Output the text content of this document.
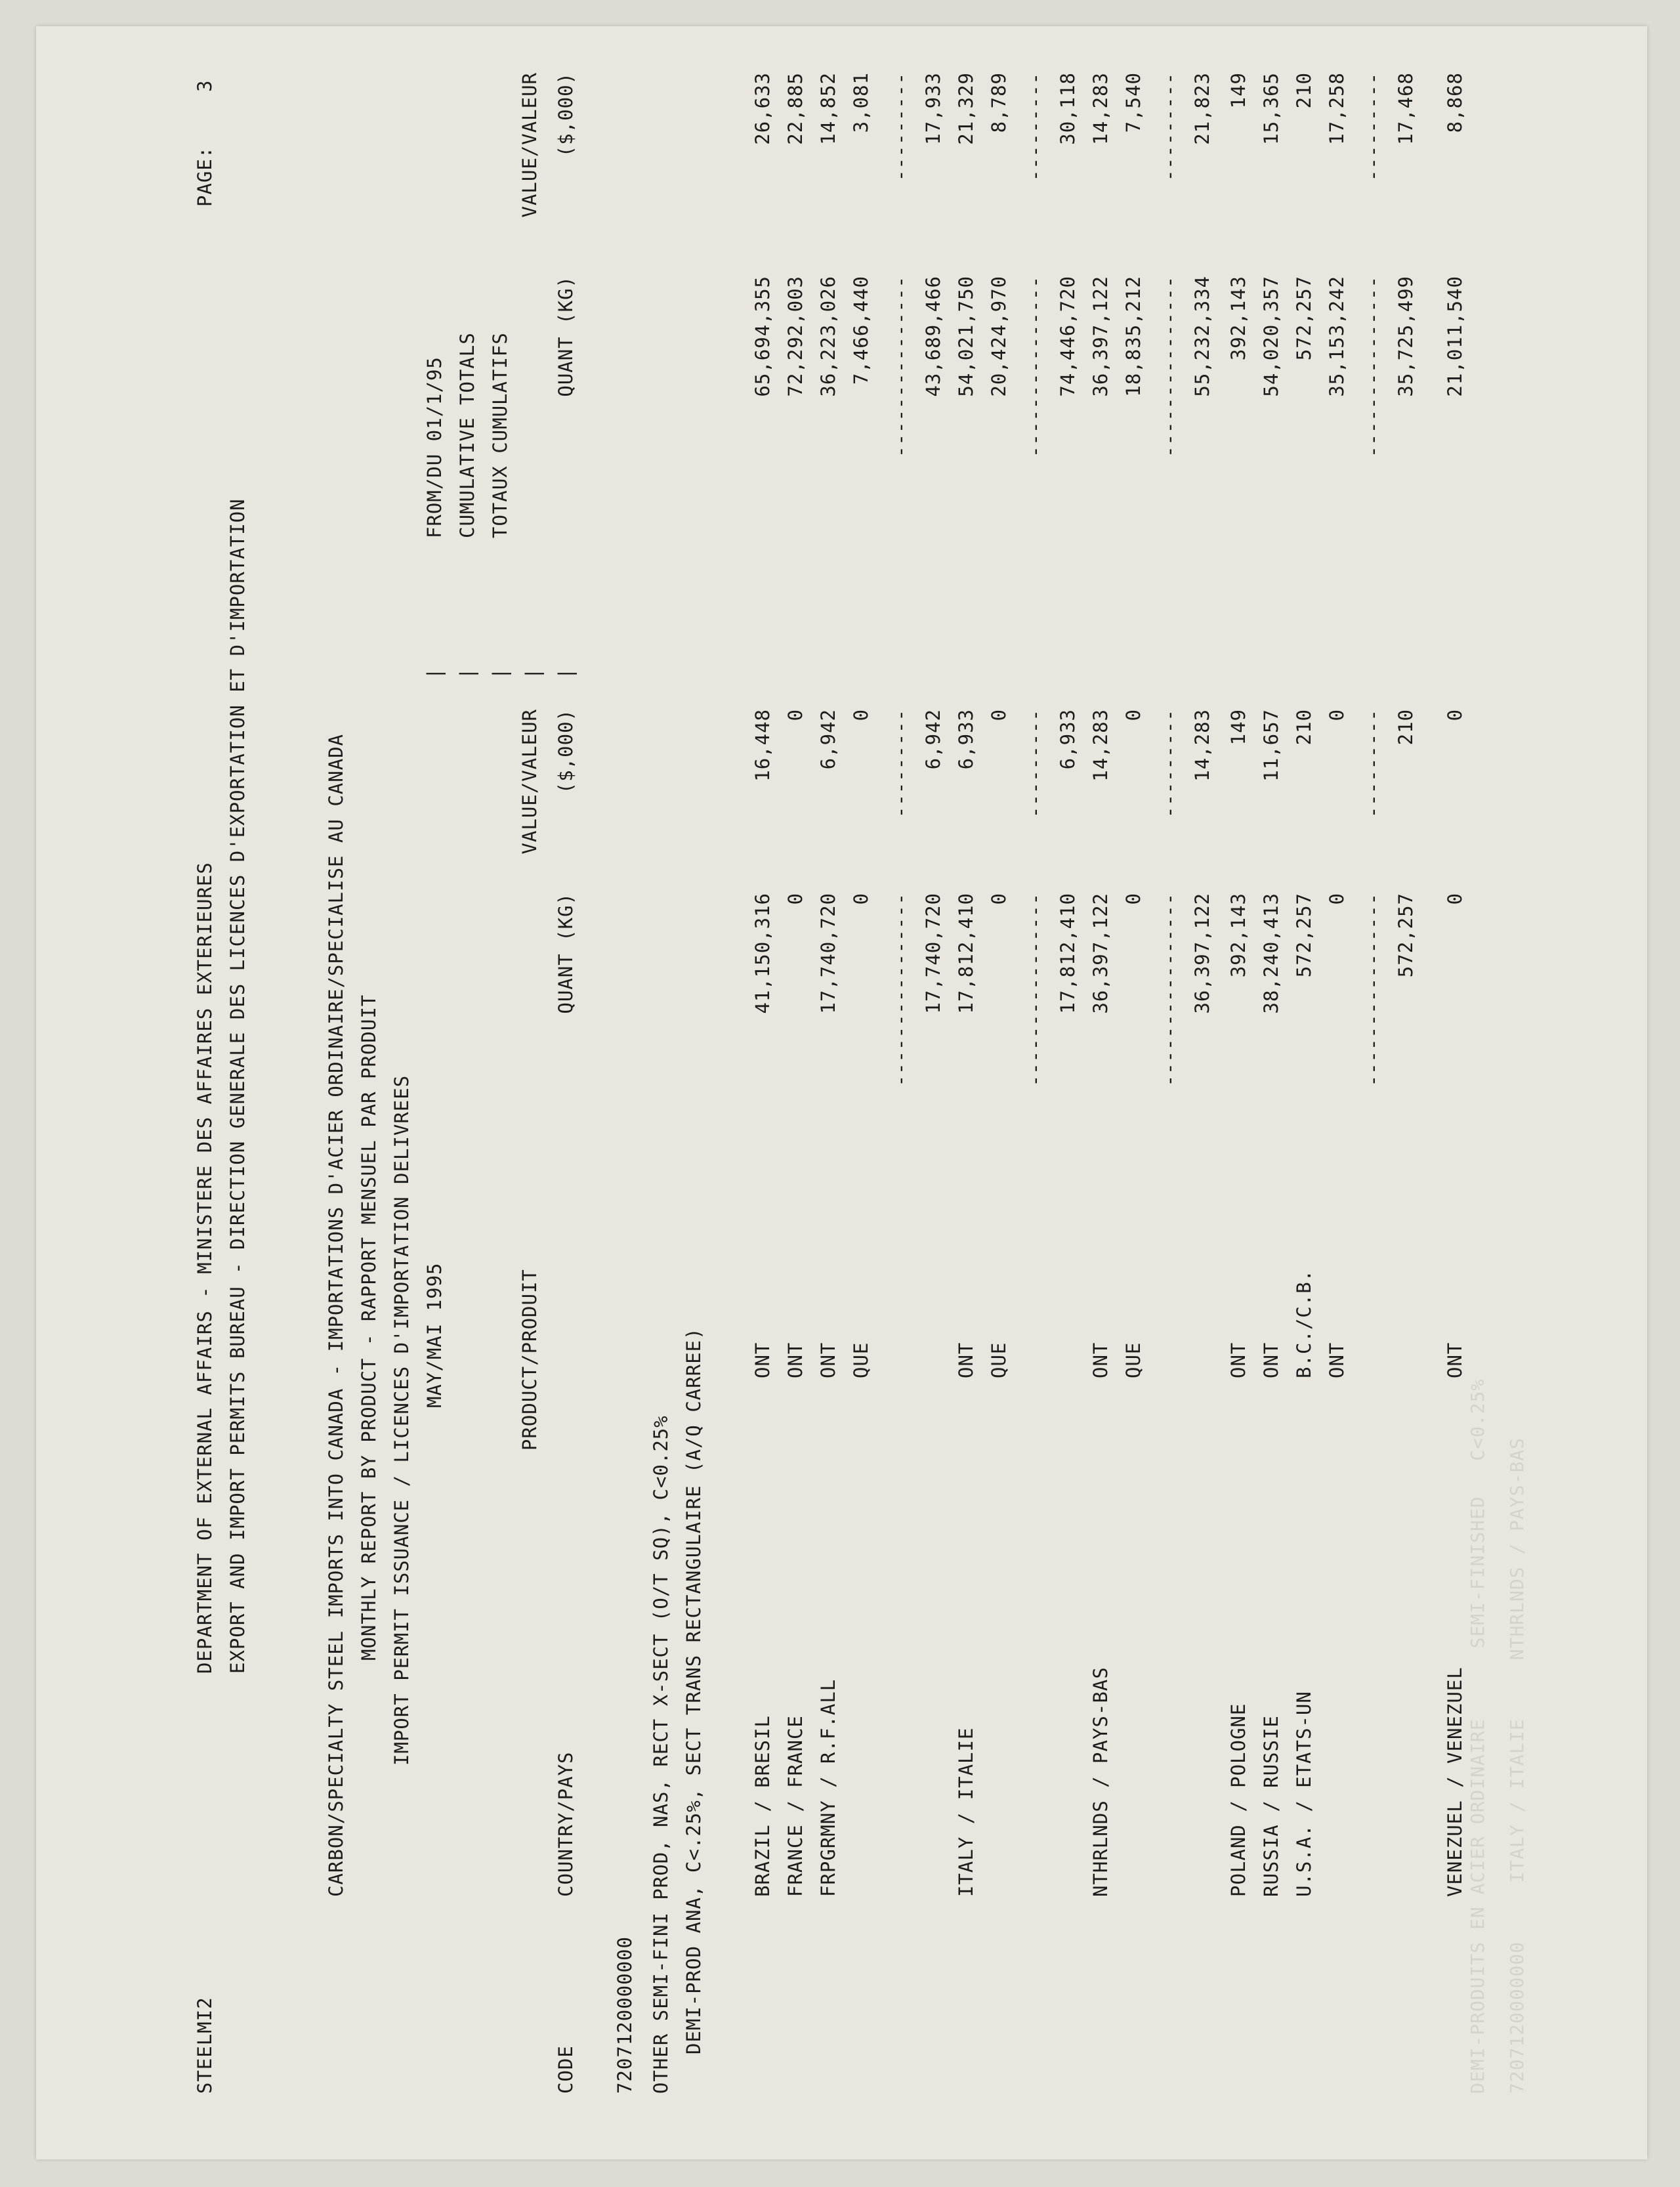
DEMI-PRODUITS EN ACIER ORDINAIRE      SEMI-FINISHED   C<0.25% 7207120000000     ITALY / ITALIE     NTHRLNDS / PAYS-BAS
STEELMI2
DEPARTMENT OF EXTERNAL AFFAIRS - MINISTERE DES AFFAIRES EXTERIEURES EXPORT AND IMPORT PERMITS BUREAU - DIRECTION GENERALE DES LICENCES D'EXPORTATION ET D'IMPORTATION
PAGE:
3
CARBON/SPECIALTY STEEL IMPORTS INTO CANADA - IMPORTATIONS D'ACIER ORDINAIRE/SPECIALISE AU CANADA MONTHLY REPORT BY PRODUCT - RAPPORT MENSUEL PAR PRODUIT IMPORT PERMIT ISSUANCE / LICENCES D'IMPORTATION DELIVREES MAY/MAI 1995
FROM/DU 01/1/95 CUMULATIVE TOTALS TOTAUX CUMULATIFS
PRODUCT/PRODUIT
VALUE/VALEUR
VALUE/VALEUR
CODE
COUNTRY/PAYS
QUANT (KG)
($,000)
QUANT (KG)
($,000)
| | | | |
7207120000000 OTHER SEMI-FINI PROD, NAS, RECT X-SECT (O/T SQ), C<0.25% DEMI-PROD ANA, C<.25%, SECT TRANS RECTANGULAIRE (A/Q CARREE) BRAZIL / BRESIL
ONT
41,150,316
16,448
65,694,355
26,633
FRANCE / FRANCE
ONT
0
0
72,292,003
22,885
FRPGRMNY / R.F.ALL
ONT
17,740,720
6,942
36,223,026
14,852
QUE
0
0
7,466,440
3,081
----------------
---------
---------------
---------
17,740,720
6,942
43,689,466
17,933
ITALY / ITALIE
ONT
17,812,410
6,933
54,021,750
21,329
QUE
0
0
20,424,970
8,789
----------------
---------
---------------
---------
17,812,410
6,933
74,446,720
30,118
NTHRLNDS / PAYS-BAS
ONT
36,397,122
14,283
36,397,122
14,283
QUE
0
0
18,835,212
7,540
----------------
---------
---------------
---------
36,397,122
14,283
55,232,334
21,823
POLAND / POLOGNE
ONT
392,143
149
392,143
149
RUSSIA / RUSSIE
ONT
38,240,413
11,657
54,020,357
15,365
U.S.A. / ETATS-UN
B.C./C.B.
572,257
210
572,257
210
ONT
0
0
35,153,242
17,258
----------------
---------
---------------
---------
572,257
210
35,725,499
17,468
VENEZUEL / VENEZUEL
ONT
0
0
21,011,540
8,868
